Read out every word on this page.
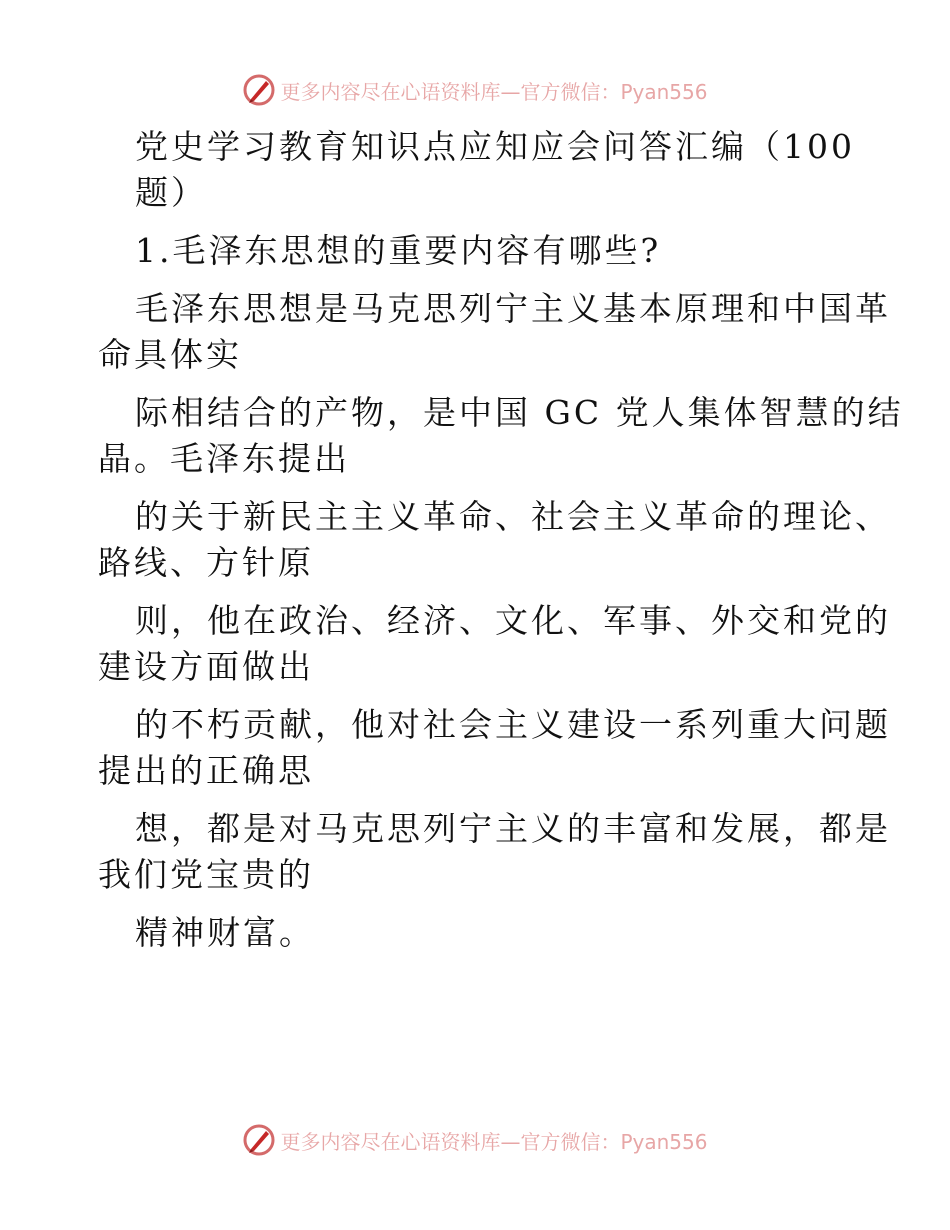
更多内容尽在心语资料库—官方微信：Pyan556
党史学习教育知识点应知应会问答汇编（100
题）
1.毛泽东思想的重要内容有哪些?
毛泽东思想是马克思列宁主义基本原理和中国革
命具体实
际相结合的产物，是中国 GC 党人集体智慧的结
晶。毛泽东提出
的关于新民主主义革命、社会主义革命的理论、
路线、方针原
则，他在政治、经济、文化、军事、外交和党的
建设方面做出
的不朽贡献，他对社会主义建设一系列重大问题
提出的正确思
想，都是对马克思列宁主义的丰富和发展，都是
我们党宝贵的
精神财富。
更多内容尽在心语资料库—官方微信：Pyan556
